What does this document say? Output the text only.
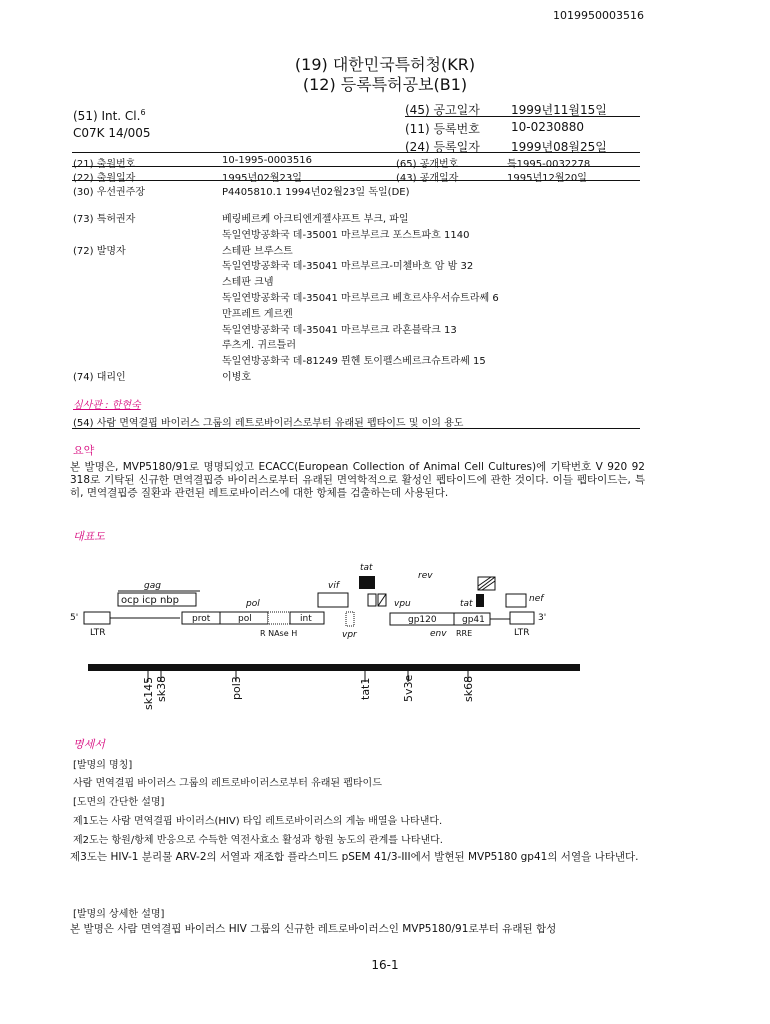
1019950003516
(19) 대한민국특허청(KR)
(12) 등록특허공보(B1)
(51) Int. Cl.$^6$
C07K 14/005
(45) 공고일자	1999년11월15일
(11) 등록번호	10-0230880
(24) 등록일자	1999년08월25일
(21) 출원번호	10-1995-0003516	(65) 공개번호	특1995-0032278
(22) 출원일자	1995년02월23일	(43) 공개일자	1995년12월20일
(30) 우선권주장	P4405810.1 1994년02월23일 독일(DE)
(73) 특허권자	베링베르케 아크티엔게젤샤프트 부크, 파일
독일연방공화국 데-35001 마르부르크 포스트파흐 1140
(72) 발명자	스테판 브루스트
독일연방공화국 데-35041 마르부르크-미첼바흐 암 밤 32
스테판 크넴
독일연방공화국 데-35041 마르부르크 베흐르샤우서슈트라쎄 6
만프레트 게르켄
독일연방공화국 데-35041 마르부르크 라흔블락크 13
루츠게. 귀르틀러
독일연방공화국 데-81249 뮌헨 토이펠스베르크슈트라쎄 15
(74) 대리인	이병호
심사관 : 한현숙
(54) 사람 면역결핍 바이러스 그룹의 레트로바이러스로부터 유래된 펩타이드 및 이의 용도
요약
본 발명은, MVP5180/91로 명명되었고 ECACC(European Collection of Animal Cell Cultures)에 기탁번호 V 920 92 318로 기탁된 신규한 면역결핍증 바이러스로부터 유래된 면역학적으로 활성인 펩타이드에 관한 것이다. 이들 펩타이드는, 특히, 면역결핍증 질환과 관련된 레트로바이러스에 대한 항체를 검출하는데 사용된다.
대표도
tat
rev
gag	vif
ocp icp nbp	pol	vpu	tat	nef
5'	prot	pol	int	gp120	gp41	3'
LTR	R NAse H	vpr	env RRE	LTR
sk145 sk38	pol3	tat1	5v3e	sk68
명세서
[발명의 명칭]
사람 면역결핍 바이러스 그룹의 레트로바이러스로부터 유래된 펩타이드
[도면의 간단한 설명]
제1도는 사람 면역결핍 바이러스(HIV) 타입 레트로바이러스의 게놈 배열을 나타낸다.
제2도는 항원/항체 반응으로 수득한 역전사효소 활성과 항원 농도의 관계를 나타낸다.
제3도는 HIV-1 분리물 ARV-2의 서열과 재조합 플라스미드 pSEM 41/3-III에서 발현된 MVP5180 gp41의 서열을 나타낸다.
[발명의 상세한 설명]
본 발명은 사람 면역결핍 바이러스 HIV 그룹의 신규한 레트로바이러스인 MVP5180/91로부터 유래된 합성
16-1
